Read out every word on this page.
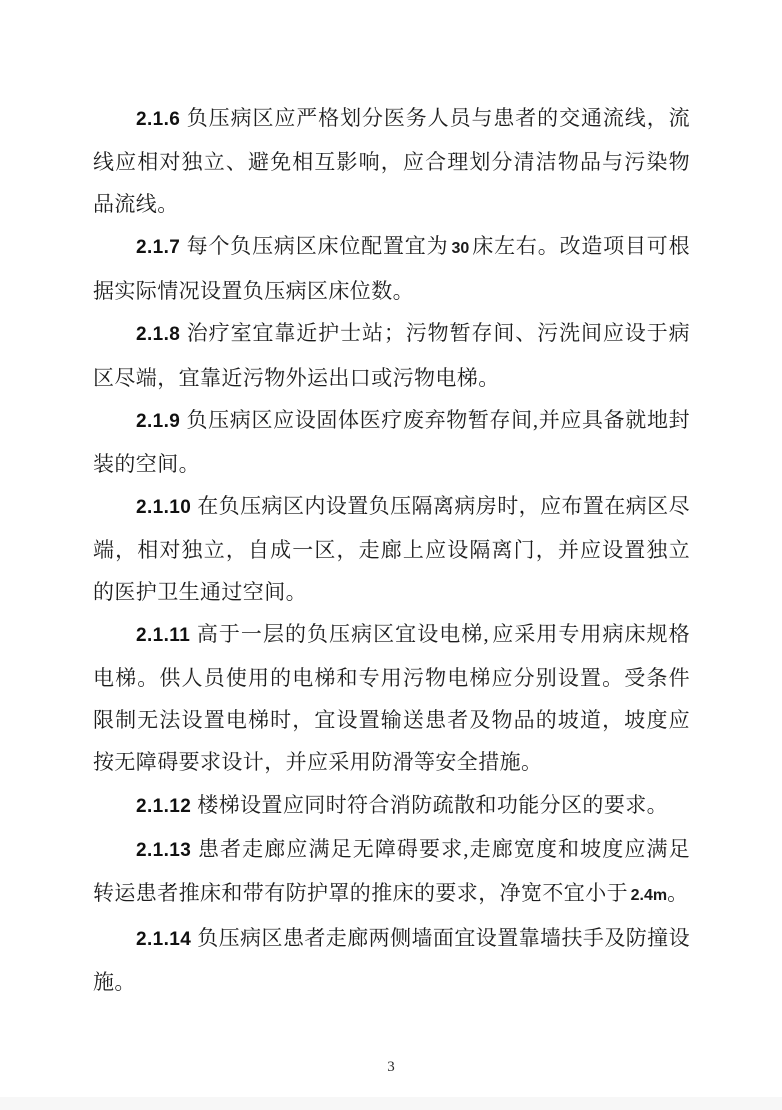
2.1.6 负压病区应严格划分医务人员与患者的交通流线，流线应相对独立、避免相互影响，应合理划分清洁物品与污染物品流线。

2.1.7 每个负压病区床位配置宜为 30 床左右。改造项目可根据实际情况设置负压病区床位数。

2.1.8 治疗室宜靠近护士站；污物暂存间、污洗间应设于病区尽端，宜靠近污物外运出口或污物电梯。

2.1.9 负压病区应设固体医疗废弃物暂存间,并应具备就地封装的空间。

2.1.10 在负压病区内设置负压隔离病房时，应布置在病区尽端，相对独立，自成一区，走廊上应设隔离门，并应设置独立的医护卫生通过空间。

2.1.11 高于一层的负压病区宜设电梯, 应采用专用病床规格电梯。供人员使用的电梯和专用污物电梯应分别设置。受条件限制无法设置电梯时，宜设置输送患者及物品的坡道，坡度应按无障碍要求设计，并应采用防滑等安全措施。

2.1.12 楼梯设置应同时符合消防疏散和功能分区的要求。

2.1.13 患者走廊应满足无障碍要求,走廊宽度和坡度应满足转运患者推床和带有防护罩的推床的要求，净宽不宜小于 2.4m。

2.1.14 负压病区患者走廊两侧墙面宜设置靠墙扶手及防撞设施。

3
